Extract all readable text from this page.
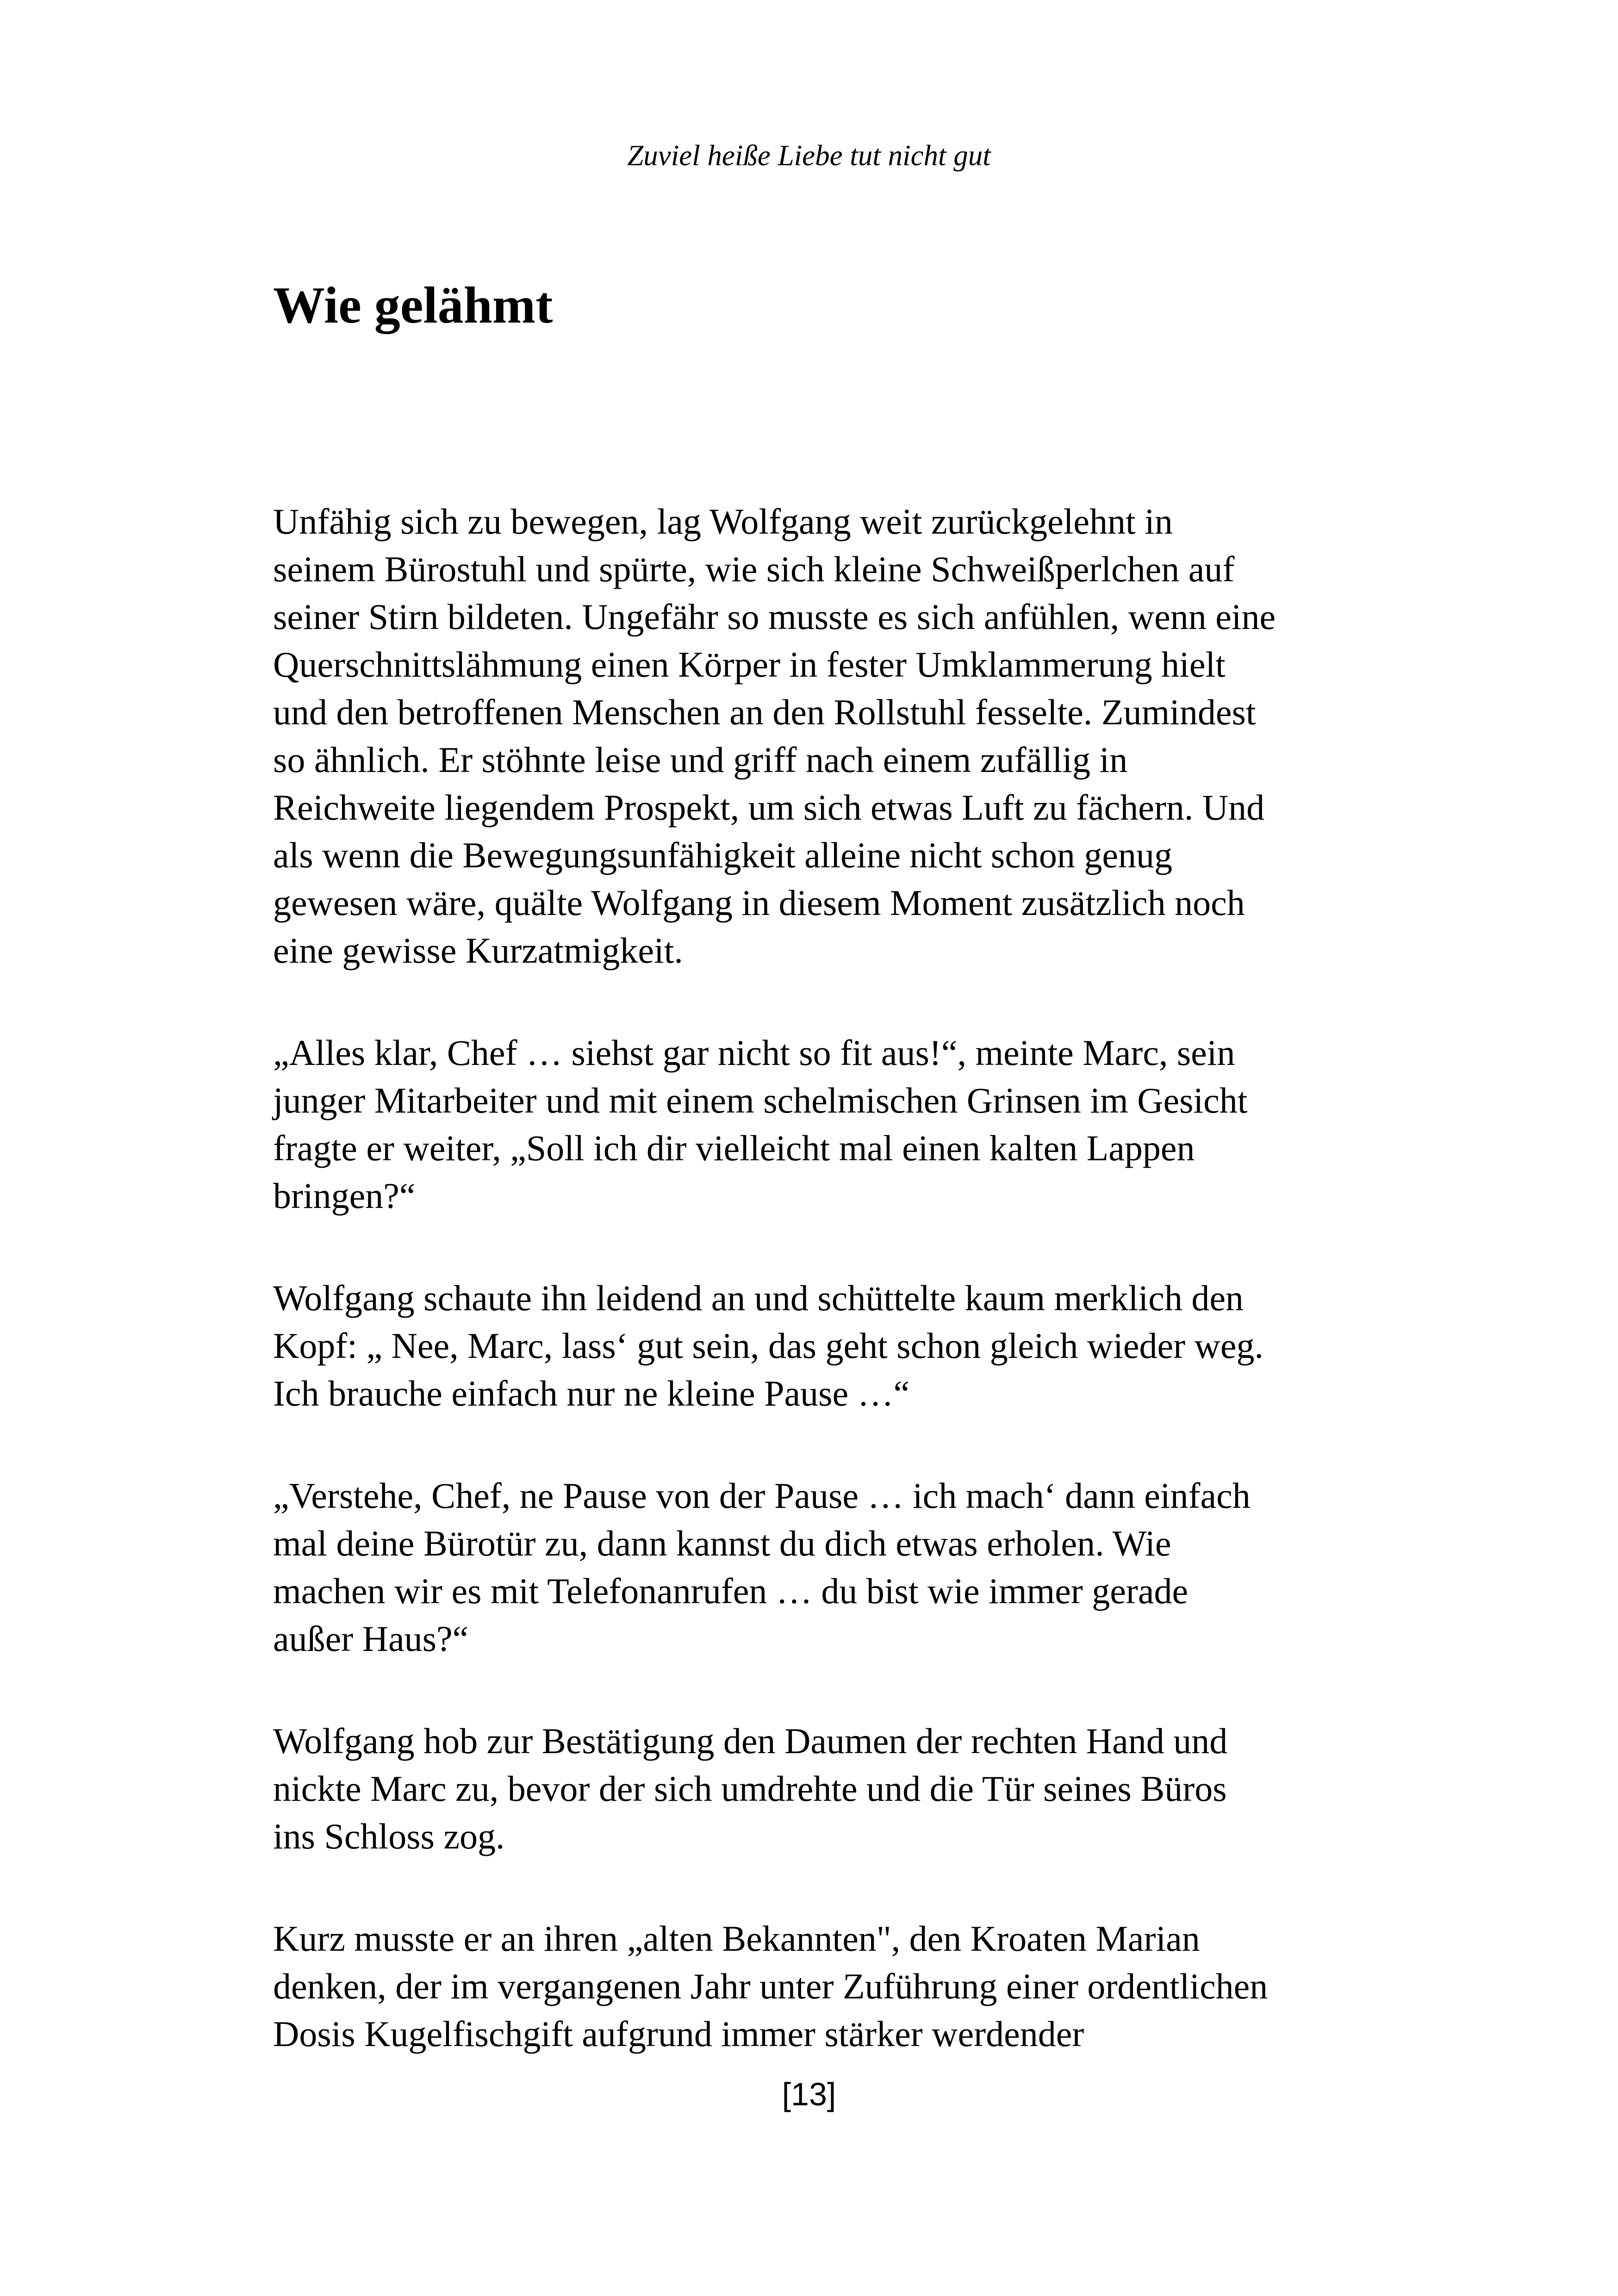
Zuviel heiße Liebe tut nicht gut

Wie gelähmt

Unfähig sich zu bewegen, lag Wolfgang weit zurückgelehnt in
seinem Bürostuhl und spürte, wie sich kleine Schweißperlchen auf
seiner Stirn bildeten. Ungefähr so musste es sich anfühlen, wenn eine
Querschnittslähmung einen Körper in fester Umklammerung hielt
und den betroffenen Menschen an den Rollstuhl fesselte. Zumindest
so ähnlich. Er stöhnte leise und griff nach einem zufällig in
Reichweite liegendem Prospekt, um sich etwas Luft zu fächern. Und
als wenn die Bewegungsunfähigkeit alleine nicht schon genug
gewesen wäre, quälte Wolfgang in diesem Moment zusätzlich noch
eine gewisse Kurzatmigkeit.

„Alles klar, Chef … siehst gar nicht so fit aus!“, meinte Marc, sein
junger Mitarbeiter und mit einem schelmischen Grinsen im Gesicht
fragte er weiter, „Soll ich dir vielleicht mal einen kalten Lappen
bringen?“

Wolfgang schaute ihn leidend an und schüttelte kaum merklich den
Kopf: „ Nee, Marc, lass‘ gut sein, das geht schon gleich wieder weg.
Ich brauche einfach nur ne kleine Pause …“

„Verstehe, Chef, ne Pause von der Pause … ich mach‘ dann einfach
mal deine Bürotür zu, dann kannst du dich etwas erholen. Wie
machen wir es mit Telefonanrufen … du bist wie immer gerade
außer Haus?“

Wolfgang hob zur Bestätigung den Daumen der rechten Hand und
nickte Marc zu, bevor der sich umdrehte und die Tür seines Büros
ins Schloss zog.

Kurz musste er an ihren „alten Bekannten", den Kroaten Marian
denken, der im vergangenen Jahr unter Zuführung einer ordentlichen
Dosis Kugelfischgift aufgrund immer stärker werdender

[13]
